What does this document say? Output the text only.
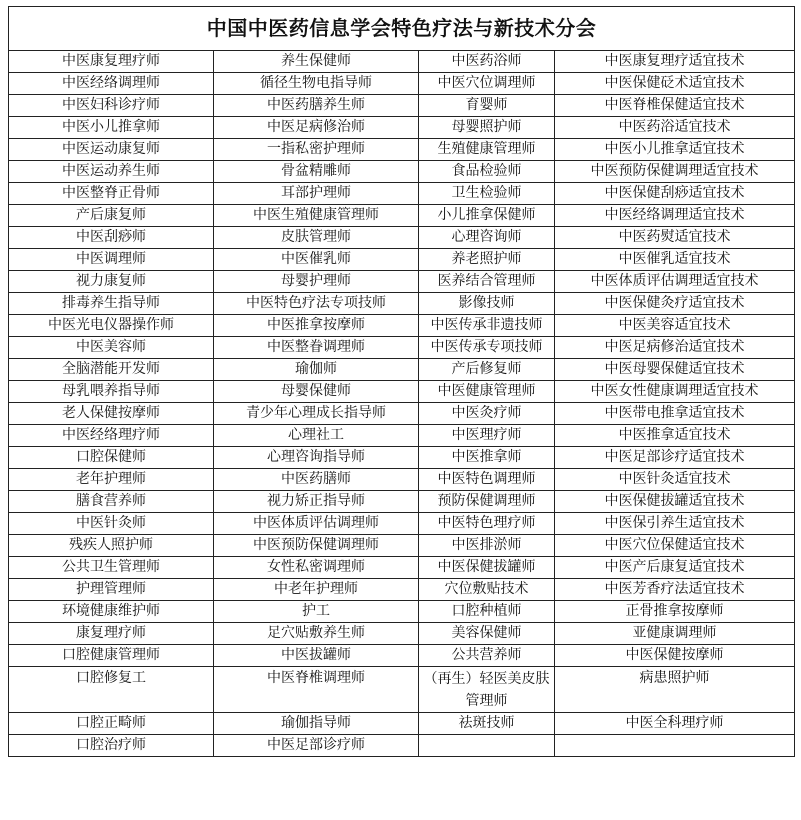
中国中医药信息学会特色疗法与新技术分会			
中医康复理疗师	养生保健师	中医药浴师	中医康复理疗适宜技术
中医经络调理师	循径生物电指导师	中医穴位调理师	中医保健砭术适宜技术
中医妇科诊疗师	中医药膳养生师	育婴师	中医脊椎保健适宜技术
中医小儿推拿师	中医足病修治师	母婴照护师	中医药浴适宜技术
中医运动康复师	一指私密护理师	生殖健康管理师	中医小儿推拿适宜技术
中医运动养生师	骨盆精雕师	食品检验师	中医预防保健调理适宜技术
中医整脊正骨师	耳部护理师	卫生检验师	中医保健刮痧适宜技术
产后康复师	中医生殖健康管理师	小儿推拿保健师	中医经络调理适宜技术
中医刮痧师	皮肤管理师	心理咨询师	中医药熨适宜技术
中医调理师	中医催乳师	养老照护师	中医催乳适宜技术
视力康复师	母婴护理师	医养结合管理师	中医体质评估调理适宜技术
排毒养生指导师	中医特色疗法专项技师	影像技师	中医保健灸疗适宜技术
中医光电仪器操作师	中医推拿按摩师	中医传承非遗技师	中医美容适宜技术
中医美容师	中医整眷调理师	中医传承专项技师	中医足病修治适宜技术
全脑潜能开发师	瑜伽师	产后修复师	中医母婴保健适宜技术
母乳喂养指导师	母婴保健师	中医健康管理师	中医女性健康调理适宜技术
老人保健按摩师	青少年心理成长指导师	中医灸疗师	中医带电推拿适宜技术
中医经络理疗师	心理社工	中医理疗师	中医推拿适宜技术
口腔保健师	心理咨询指导师	中医推拿师	中医足部诊疗适宜技术
老年护理师	中医药膳师	中医特色调理师	中医针灸适宜技术
膳食营养师	视力矫正指导师	预防保健调理师	中医保健拔罐适宜技术
中医针灸师	中医体质评估调理师	中医特色理疗师	中医保引养生适宜技术
残疾人照护师	中医预防保健调理师	中医排淤师	中医穴位保健适宜技术
公共卫生管理师	女性私密调理师	中医保健拔罐师	中医产后康复适宜技术
护理管理师	中老年护理师	穴位敷贴技术	中医芳香疗法适宜技术
环境健康维护师	护工	口腔种植师	正骨推拿按摩师
康复理疗师	足穴贴敷养生师	美容保健师	亚健康调理师
口腔健康管理师	中医拔罐师	公共营养师	中医保健按摩师
口腔修复工	中医脊椎调理师	（再生）轻医美皮肤管理师	病患照护师
口腔正畸师	瑜伽指导师	祛斑技师	中医全科理疗师
口腔治疗师	中医足部诊疗师		
